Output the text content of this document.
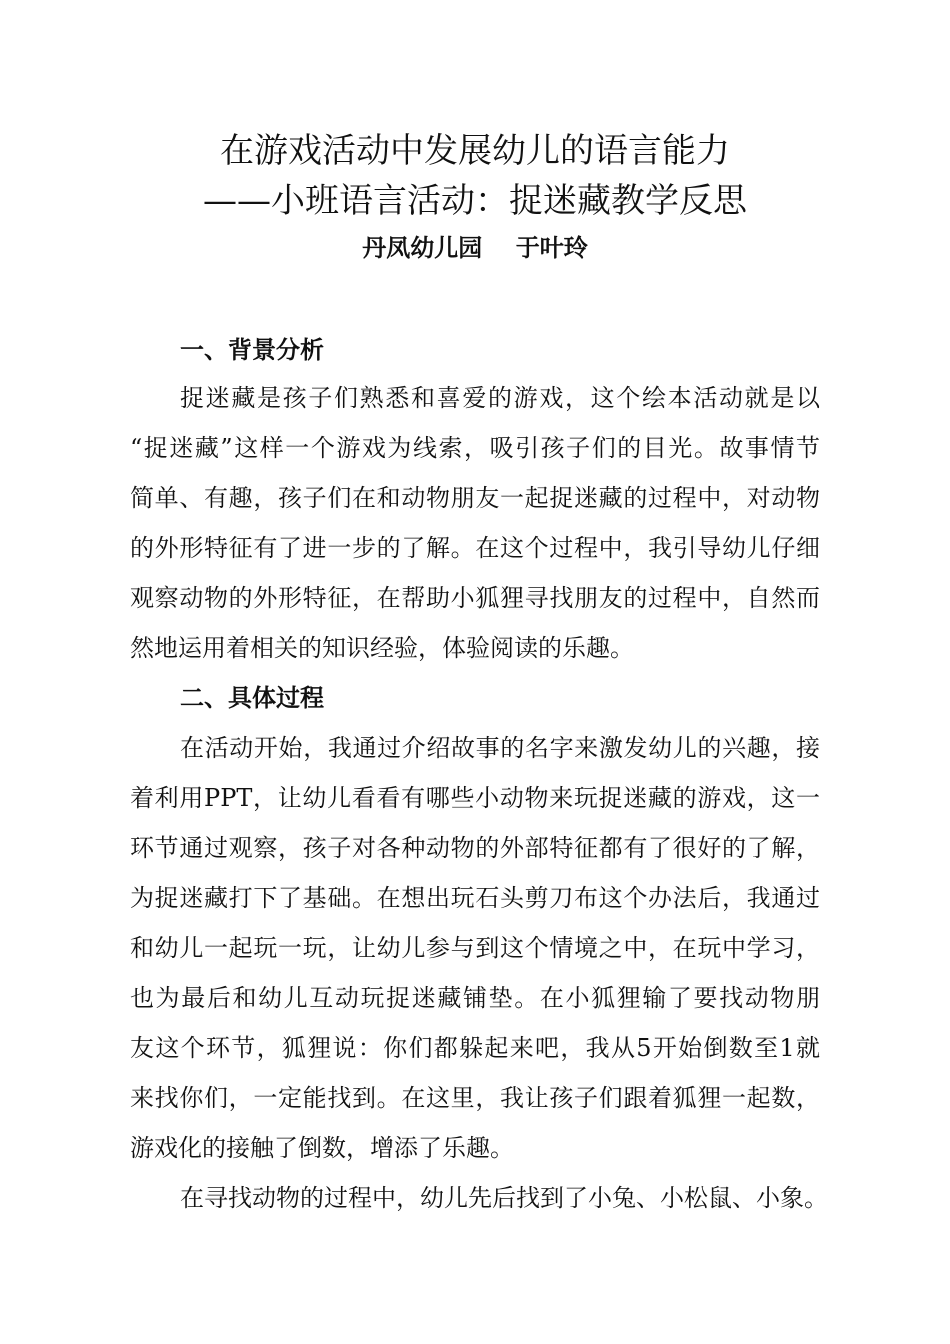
在游戏活动中发展幼儿的语言能力
——小班语言活动：捉迷藏教学反思
丹凤幼儿园    于叶玲
一、背景分析
捉迷藏是孩子们熟悉和喜爱的游戏，这个绘本活动就是以
“捉迷藏”这样一个游戏为线索，吸引孩子们的目光。故事情节
简单、有趣，孩子们在和动物朋友一起捉迷藏的过程中，对动物
的外形特征有了进一步的了解。在这个过程中，我引导幼儿仔细
观察动物的外形特征，在帮助小狐狸寻找朋友的过程中，自然而
然地运用着相关的知识经验，体验阅读的乐趣。
二、具体过程
在活动开始，我通过介绍故事的名字来激发幼儿的兴趣，接
着利用PPT，让幼儿看看有哪些小动物来玩捉迷藏的游戏，这一
环节通过观察，孩子对各种动物的外部特征都有了很好的了解，
为捉迷藏打下了基础。在想出玩石头剪刀布这个办法后，我通过
和幼儿一起玩一玩，让幼儿参与到这个情境之中，在玩中学习，
也为最后和幼儿互动玩捉迷藏铺垫。在小狐狸输了要找动物朋
友这个环节，狐狸说：你们都躲起来吧，我从5开始倒数至1就
来找你们，一定能找到。在这里，我让孩子们跟着狐狸一起数，
游戏化的接触了倒数，增添了乐趣。
在寻找动物的过程中，幼儿先后找到了小兔、小松鼠、小象。
